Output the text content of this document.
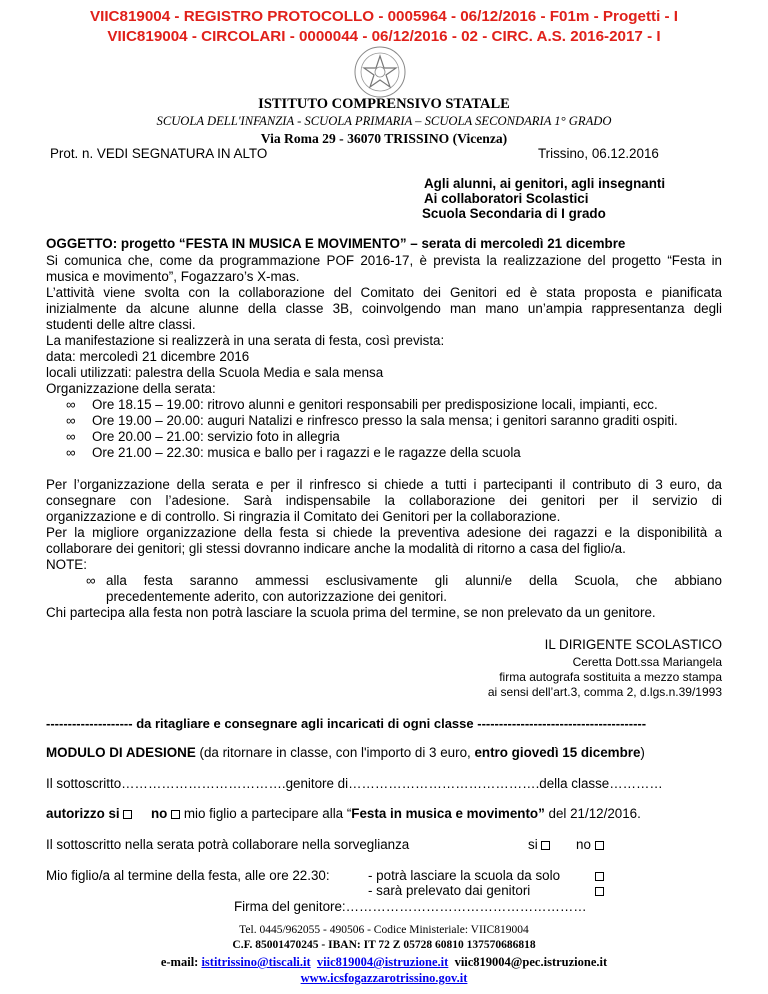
VIIC819004 - REGISTRO PROTOCOLLO - 0005964 - 06/12/2016 - F01m - Progetti - I
VIIC819004 - CIRCOLARI - 0000044 - 06/12/2016 - 02 - CIRC. A.S. 2016-2017 - I
ISTITUTO COMPRENSIVO STATALE
SCUOLA DELL'INFANZIA - SCUOLA PRIMARIA – SCUOLA SECONDARIA 1° GRADO
Via Roma 29 - 36070 TRISSINO (Vicenza)
Prot. n. VEDI SEGNATURA IN ALTO	Trissino, 06.12.2016
Agli alunni, ai genitori, agli insegnanti
Ai collaboratori Scolastici
Scuola Secondaria di I grado
OGGETTO: progetto “FESTA IN MUSICA E MOVIMENTO” – serata di mercoledì 21 dicembre
Si comunica che, come da programmazione POF 2016-17, è prevista la realizzazione del progetto “Festa in
musica e movimento”, Fogazzaro’s X-mas.
L’attività viene svolta con la collaborazione del Comitato dei Genitori ed è stata proposta e pianificata
inizialmente da alcune alunne della classe 3B, coinvolgendo man mano un’ampia rappresentanza degli
studenti delle altre classi.
La manifestazione si realizzerà in una serata di festa, così prevista:
data: mercoledì 21 dicembre 2016
locali utilizzati: palestra della Scuola Media e sala mensa
Organizzazione della serata:
∞ Ore 18.15 – 19.00: ritrovo alunni e genitori responsabili per predisposizione locali, impianti, ecc.
∞ Ore 19.00 – 20.00: auguri Natalizi e rinfresco presso la sala mensa; i genitori saranno graditi ospiti.
∞ Ore 20.00 – 21.00: servizio foto in allegria
∞ Ore 21.00 – 22.30: musica e ballo per i ragazzi e le ragazze della scuola
Per l’organizzazione della serata e per il rinfresco si chiede a tutti i partecipanti il contributo di 3 euro, da
consegnare con l’adesione. Sarà indispensabile la collaborazione dei genitori per il servizio di
organizzazione e di controllo. Si ringrazia il Comitato dei Genitori per la collaborazione.
Per la migliore organizzazione della festa si chiede la preventiva adesione dei ragazzi e la disponibilità a
collaborare dei genitori; gli stessi dovranno indicare anche la modalità di ritorno a casa del figlio/a.
NOTE:
∞ alla festa saranno ammessi esclusivamente gli alunni/e della Scuola, che abbiano
precedentemente aderito, con autorizzazione dei genitori.
Chi partecipa alla festa non potrà lasciare la scuola prima del termine, se non prelevato da un genitore.
IL DIRIGENTE SCOLASTICO
Ceretta Dott.ssa Mariangela
firma autografa sostituita a mezzo stampa
ai sensi dell’art.3, comma 2, d.lgs.n.39/1993
-------------------- da ritagliare e consegnare agli incaricati di ogni classe ---------------------------------------
MODULO DI ADESIONE (da ritornare in classe, con l'importo di 3 euro, entro giovedì 15 dicembre)
Il sottoscritto……………………………….genitore di…………………………………….della classe…………
autorizzo si no  mio figlio a partecipare alla “Festa in musica e movimento” del 21/12/2016.
Il sottoscritto nella serata potrà collaborare nella sorveglianza	si	no
Mio figlio/a al termine della festa, alle ore 22.30:	- potrà lasciare la scuola da solo
- sarà prelevato dai genitori
Firma del genitore:………………………………………………
Tel. 0445/962055 - 490506 - Codice Ministeriale: VIIC819004
C.F. 85001470245 - IBAN: IT 72 Z 05728 60810 137570686818
e-mail: istitrissino@tiscali.it viic819004@istruzione.it viic819004@pec.istruzione.it
www.icsfogazzarotrissino.gov.it
